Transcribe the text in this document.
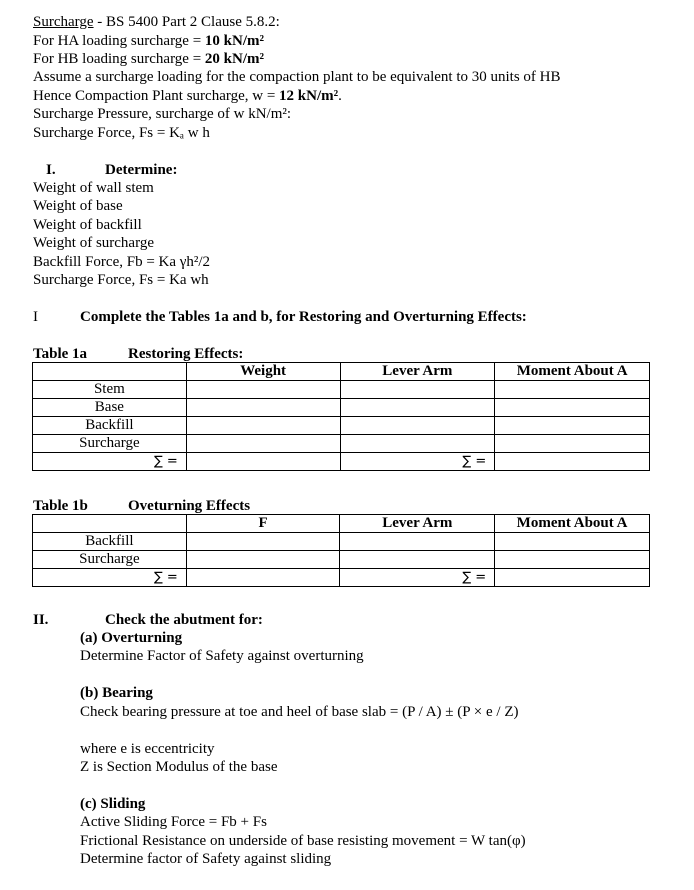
Surcharge - BS 5400 Part 2 Clause 5.8.2:
For HA loading surcharge = 10 kN/m²
For HB loading surcharge = 20 kN/m²
Assume a surcharge loading for the compaction plant to be equivalent to 30 units of HB
Hence Compaction Plant surcharge, w = 12 kN/m².
Surcharge Pressure, surcharge of w kN/m²:
Surcharge Force, Fs = Kₐ w h
I.	Determine:
Weight of wall stem
Weight of base
Weight of backfill
Weight of surcharge
Backfill Force, Fb = Ka γh²/2
Surcharge Force, Fs = Ka wh
I	Complete the Tables 1a and b, for Restoring and Overturning Effects:
Table 1a	Restoring Effects:
	Weight	Lever Arm	Moment About A
Stem			
Base			
Backfill			
Surcharge			
∑ =		∑ =	
Table 1b	Oveturning Effects
	F	Lever Arm	Moment About A
Backfill			
Surcharge			
∑ =		∑ =	
II.	Check the abutment for:
(a) Overturning
Determine Factor of Safety against overturning
(b) Bearing
Check bearing pressure at toe and heel of base slab = (P / A) ± (P × e / Z)
where e is eccentricity
Z is Section Modulus of the base
(c) Sliding
Active Sliding Force = Fb + Fs
Frictional Resistance on underside of base resisting movement = W tan(φ)
Determine factor of Safety against sliding
